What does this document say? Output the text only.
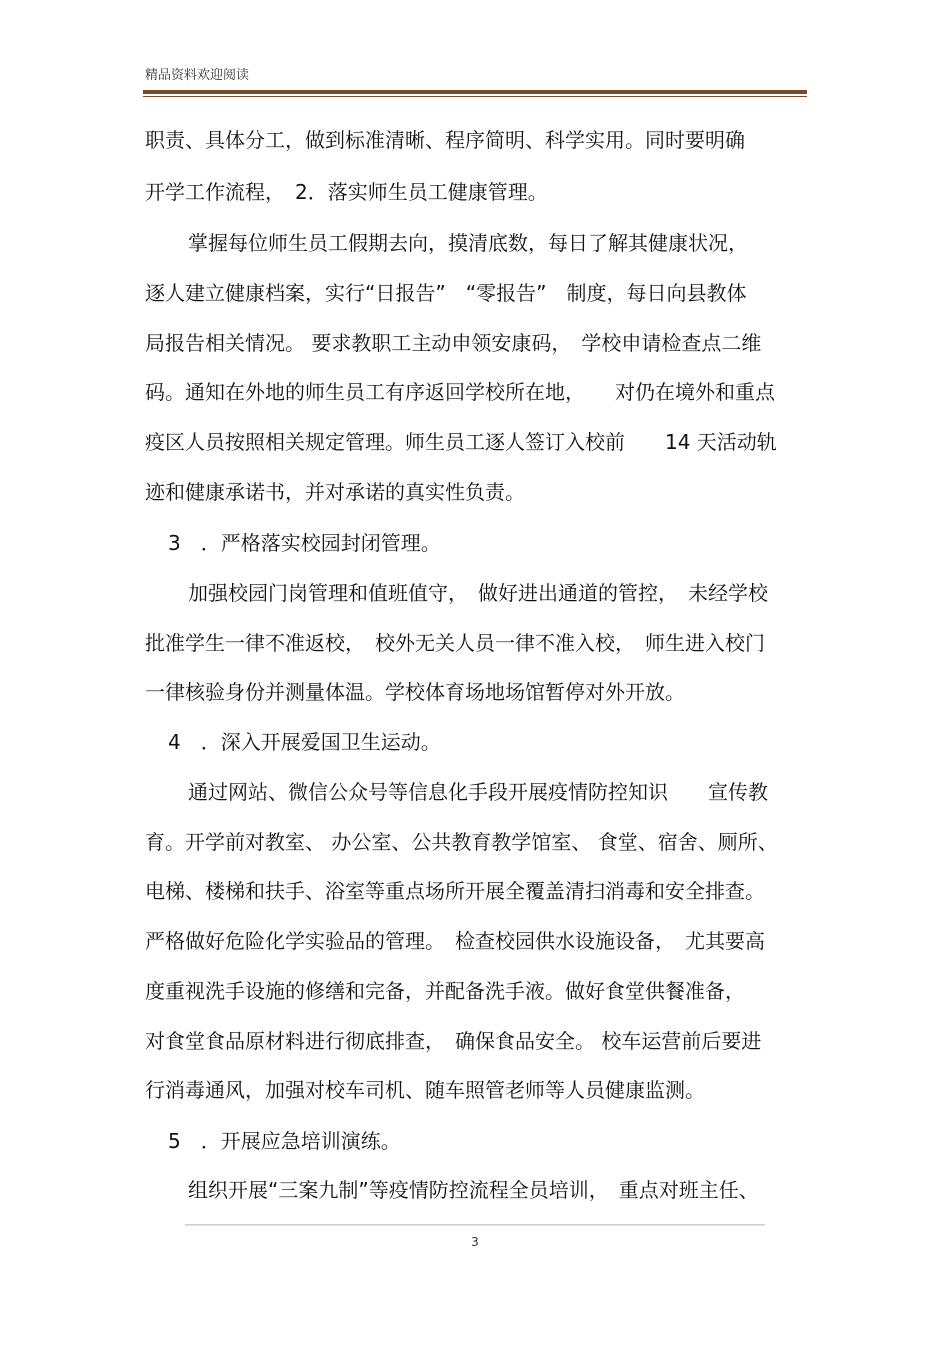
精品资料欢迎阅读
职责、具体分工，做到标准清晰、程序简明、科学实用。同时要明确
开学工作流程，　2．落实师生员工健康管理。
掌握每位师生员工假期去向，摸清底数，每日了解其健康状况，
逐人建立健康档案，实行“日报告”　“零报告”　制度，每日向县教体
局报告相关情况。 要求教职工主动申领安康码，　学校申请检查点二维
码。通知在外地的师生员工有序返回学校所在地，　　对仍在境外和重点
疫区人员按照相关规定管理。师生员工逐人签订入校前　　14 天活动轨
迹和健康承诺书，并对承诺的真实性负责。
3　．严格落实校园封闭管理。
加强校园门岗管理和值班值守，　做好进出通道的管控，　未经学校
批准学生一律不准返校，　校外无关人员一律不准入校，　师生进入校门
一律核验身份并测量体温。学校体育场地场馆暂停对外开放。
4　．深入开展爱国卫生运动。
通过网站、微信公众号等信息化手段开展疫情防控知识　　宣传教
育。开学前对教室、 办公室、公共教育教学馆室、 食堂、宿舍、厕所、
电梯、楼梯和扶手、浴室等重点场所开展全覆盖清扫消毒和安全排查。
严格做好危险化学实验品的管理。　检查校园供水设施设备，　尤其要高
度重视洗手设施的修缮和完备，并配备洗手液。做好食堂供餐准备，
对食堂食品原材料进行彻底排查，　确保食品安全。 校车运营前后要进
行消毒通风，加强对校车司机、随车照管老师等人员健康监测。
5　．开展应急培训演练。
组织开展“三案九制”等疫情防控流程全员培训，　重点对班主任、
3
